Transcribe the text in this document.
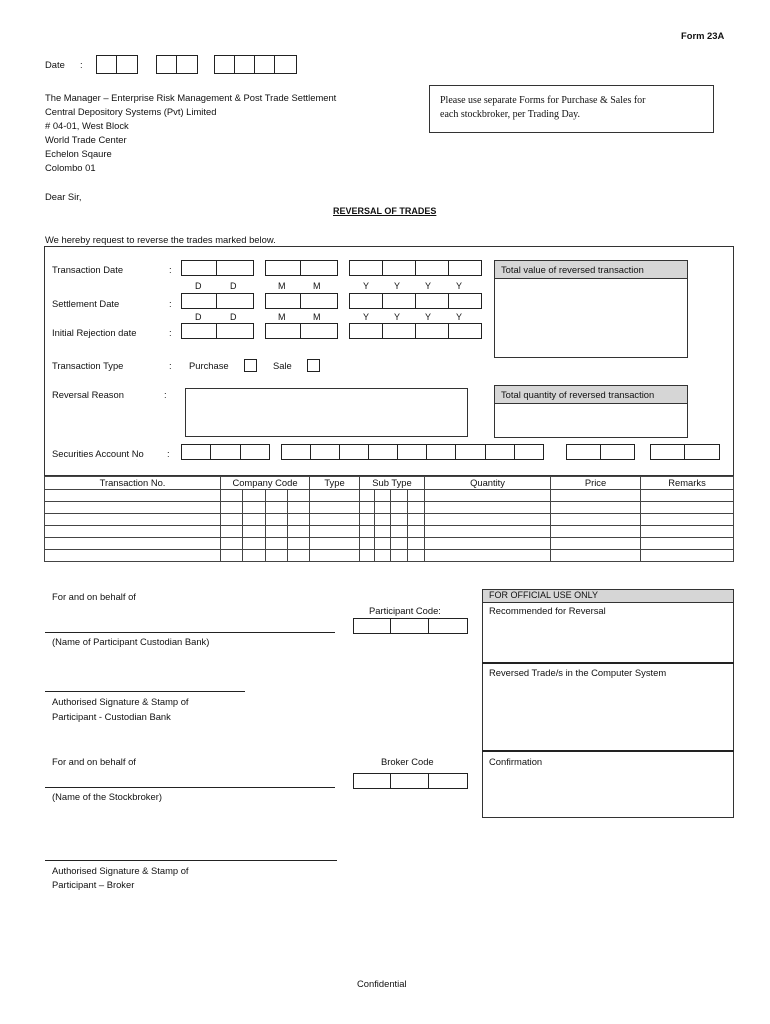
Form 23A
Date :
The Manager – Enterprise Risk Management & Post Trade Settlement
Central Depository Systems (Pvt) Limited
# 04-01, West Block
World Trade Center
Echelon Sqaure
Colombo 01
Please use separate Forms for Purchase & Sales for
each stockbroker, per Trading Day.
Dear Sir,
REVERSAL OF TRADES
We hereby request to reverse the trades marked below.
Transaction Date	:
D	D	M	M	Y	Y	Y	Y
Settlement Date	:
D	D	M	M	Y	Y	Y	Y
Initial Rejection date	:
Total value of reversed transaction
Transaction Type	: Purchase	Sale
Reversal Reason	:	Total quantity of reversed transaction
Securities Account No :
Transaction No.	Company Code				Type	Sub Type				Quantity	Price	Remarks

For and on behalf of
Participant Code:
(Name of Participant Custodian Bank)
Authorised Signature & Stamp of
Participant - Custodian Bank
For and on behalf of	Broker Code
(Name of the Stockbroker)
Authorised Signature & Stamp of
Participant – Broker
FOR OFFICIAL USE ONLY
Recommended for Reversal
Reversed Trade/s in the Computer System
Confirmation
Confidential
